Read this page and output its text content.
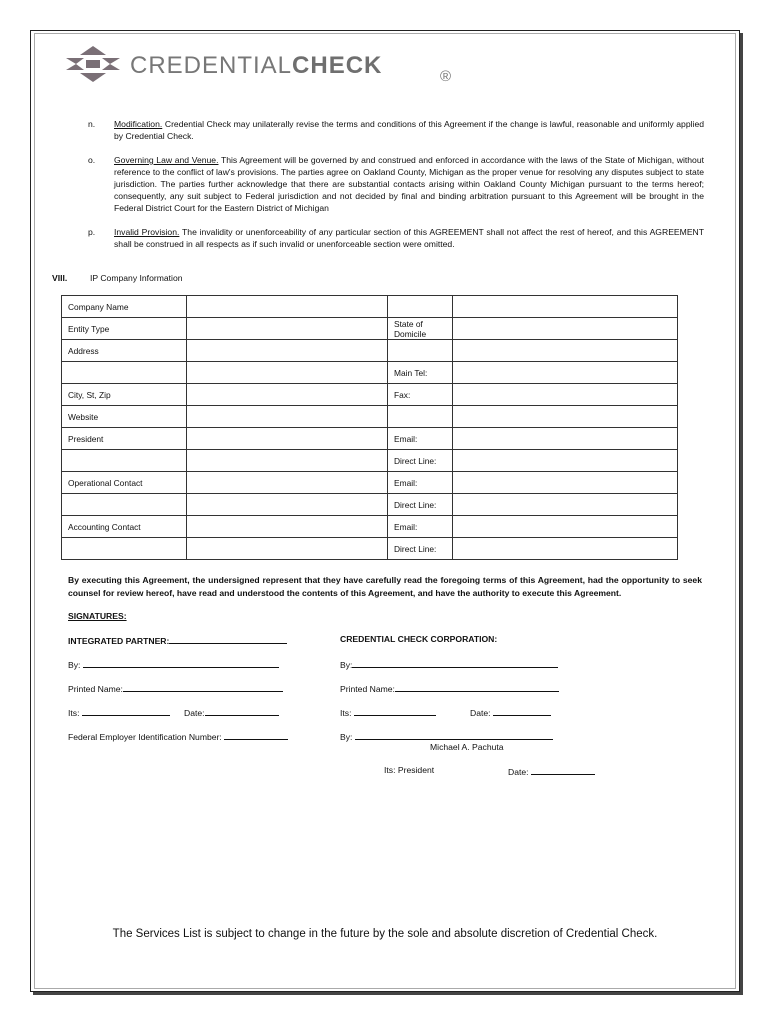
CREDENTIALCHECK	®
n.	Modification. Credential Check may unilaterally revise the terms and conditions of this Agreement if the change is lawful, reasonable and uniformly applied by Credential Check.
o.	Governing Law and Venue. This Agreement will be governed by and construed and enforced in accordance with the laws of the State of Michigan, without reference to the conflict of law's provisions. The parties agree on Oakland County, Michigan as the proper venue for resolving any disputes subject to state jurisdiction. The parties further acknowledge that there are substantial contacts arising within Oakland County Michigan pursuant to the terms hereof; consequently, any suit subject to Federal jurisdiction and not decided by final and binding arbitration pursuant to this Agreement will be brought in the Federal District Court for the Eastern District of Michigan
p.	Invalid Provision. The invalidity or unenforceability of any particular section of this AGREEMENT shall not affect the rest of hereof, and this AGREEMENT shall be construed in all respects as if such invalid or unenforceable section were omitted.
VIII.	IP Company Information
Company Name			
Entity Type		State of Domicile	
Address			
		Main Tel:	
City, St, Zip		Fax:	
Website			
President		Email:	
		Direct Line:	
Operational Contact		Email:	
		Direct Line:	
Accounting Contact		Email:	
		Direct Line:	
By executing this Agreement, the undersigned represent that they have carefully read the foregoing terms of this Agreement, had the opportunity to seek counsel for review hereof, have read and understood the contents of this Agreement, and have the authority to execute this Agreement.
SIGNATURES:
INTEGRATED PARTNER:	CREDENTIAL CHECK CORPORATION:
By:	By:
Printed Name:	Printed Name:
Its:	Date:	Its:	Date:
Federal Employer Identification Number:	By:
Michael A. Pachuta
Its: President	Date:
The Services List is subject to change in the future by the sole and absolute discretion of Credential Check.
